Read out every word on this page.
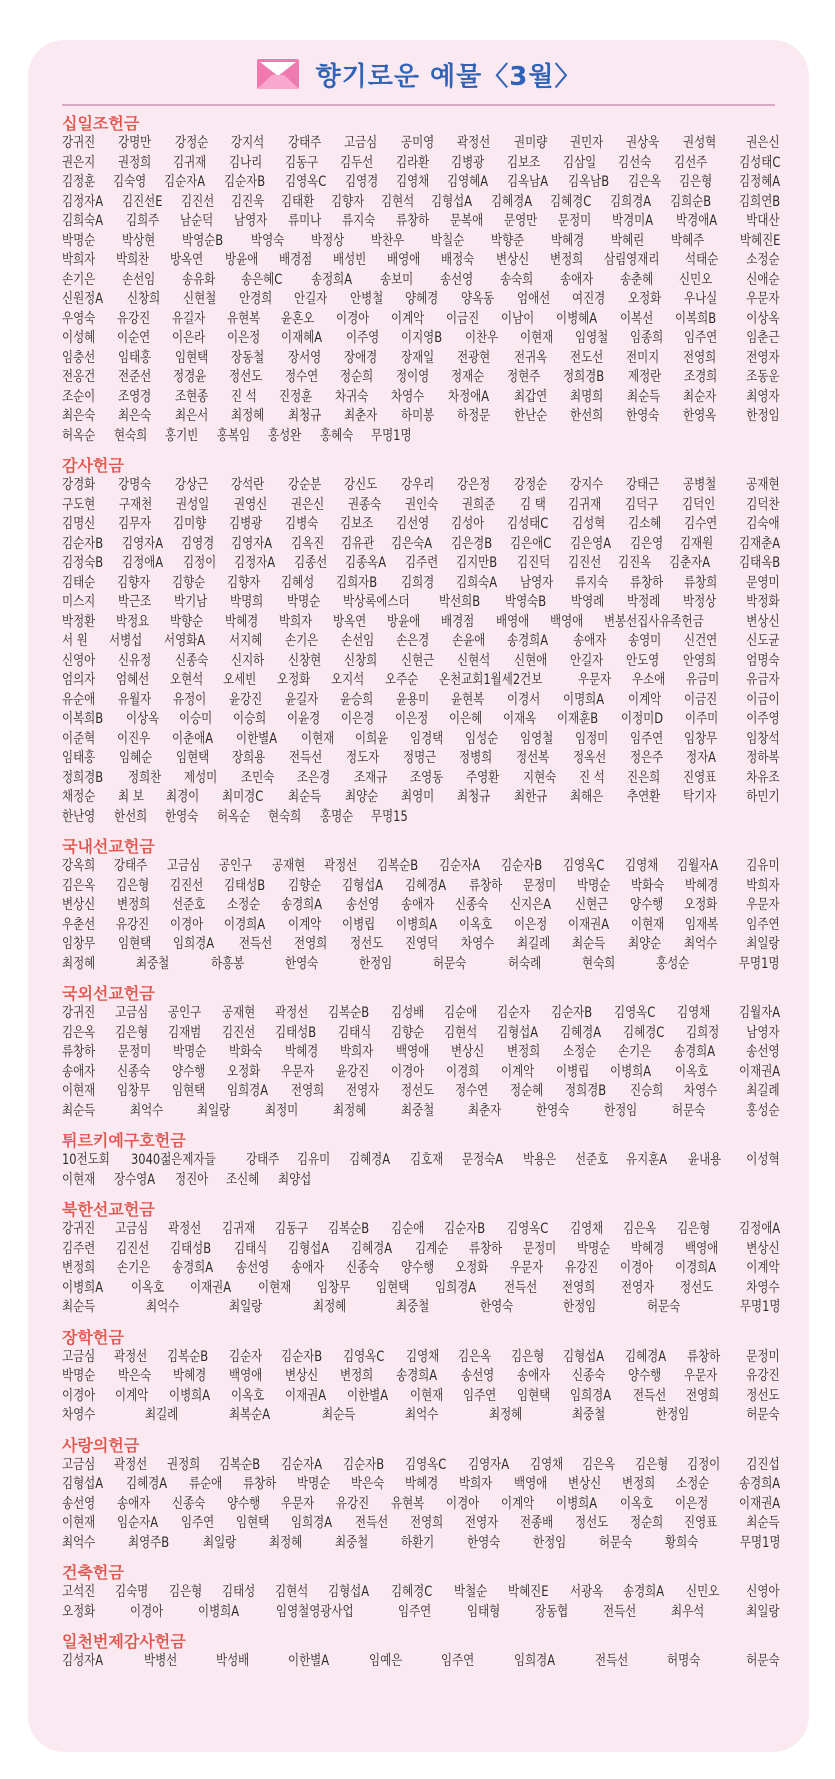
향기로운 예물〈3월〉
십일조헌금
강귀진 강명만 강정순 강지석 강태주 고금심 공미영 곽정선 권미량 권민자 권상욱 권성혁 권은신
권은지 권정희 김귀재 김나리 김동구 김두선 김라환 김병광 김보조 김삼일 김선숙 김선주 김성태C
김정훈 김숙영 김순자A 김순자B 김영옥C 김영경 김영채 김영혜A 김옥남A 김옥남B 김은옥 김은형 김정혜A
김정자A 김진선E 김진선 김진욱 김태환 김향자 김현석 김형섭A 김혜경A 김혜경C 김희경A 김희순B 김희연B
김희숙A 김희주 남순덕 남영자 류미나 류지숙 류창하 문복애 문영만 문정미 박경미A 박경애A 박대산
박명순 박상현 박영순B 박영숙 박정상 박찬우 박칠순 박향준 박혜경 박혜린 박혜주	박혜진E
박희자 박희찬 방옥연 방윤애 배경점 배성빈 배영애 배정숙 변상신 변정희 삼림영재리 석태순 소정순
손기은 손선임 송유화 송은혜C 송정희A 송보미 송선영 송숙희 송애자 송춘혜 신민오 신애순
신원정A 신창희 신현철 안경희 안길자 안병철 양혜경 양옥동 엄애선 여진경 오정화 우나실 우문자
우영숙 유강진 유길자 유현복 윤혼오 이경아 이계악 이금진 이남이 이병혜A 이복선 이복희B 이상옥
이성혜 이순연 이은라 이은정 이재혜A 이주영 이지영B 이찬우 이현재 임영철 임종희 임주연 임춘근
임충선 임태홍 임현택 장동철 장서영 장애경 장재일 전광현 전귀옥 전도선 전미지 전영희 전영자
전옹건 전준선 정경윤 정선도 정수연 정순희 정이영 정재순 정현주 정희경B 제정란 조경희 조동운
조순이 조영경 조현종 진 석 진정훈 차귀숙 차영수 차정애A 최갑연 최명희 최순득 최순자 최영자
최은숙 최은숙 최은서 최정혜 최청규 최춘자 하미봉 하정문 한난순 한선희 한영숙 한영옥 한정임
허옥순 현숙희 홍기빈 홍복임 홍성완 홍혜숙 무명1명
감사헌금
강경화 강명숙 강상근 강석란 강순분 강신도 강우리 강은정 강정순 강지수 강태근 공병철 공재현
구도현 구재천 권성일 권영신 권은신 권종숙 권인숙 권희준 김 택 김귀재 김덕구 김덕인 김덕찬
김명신 김무자 김미향 김병광 김병숙 김보조 김선영 김성아 김성태C 김성혁 김소혜 김수연 김숙애
김순자B 김영자A 김영경 김영자A 김옥진 김유관 김은숙A 김은경B 김은애C 김은영A 김은영 김재원 김재춘A
김정숙B 김정애A 김정이 김정자A 김종선 김종옥A 김주련 김지만B 김진덕 김진선 김진옥 김춘자A 김태옥B
김태순 김향자 김향순 김향자 김혜성 김희자B 김희경 김희숙A 남영자 류지숙 류창하 류창희 문영미
미스지 박근조 박기남 박명희 박명순 박상록에스더 박선희B 박영숙B 박영례 박정례 박정상 박정화
박정환 박정요 박향순 박혜경 박희자 방옥연 방윤애 배경점 배영애 백영애 변봉선집사유족헌금	변상신
서 원 서병섭 서영화A 서지혜 손기은 손선임 손은경 손윤애 송경희A 송애자 송영미 신건연 신도균
신영아 신유정 신종숙 신지하 신창현 신창희 신현근 신현석 신현애 안길자 안도영 안영희 엄명숙
엄의자 엄혜선 오현석 오세빈 오정화 오지석 오주순 온천교회1월세2건보	우문자 우소애 유금미 유금자
유순애 유월자 유정이 윤강진 윤길자 윤승희 윤용미 윤현복 이경서 이명희A 이계악 이금진 이금이
이복희B 이상옥 이승미 이승희 이윤경 이은경 이은정 이은혜 이재옥 이재훈B 이정미D 이주미 이주영
이준혁 이진우 이춘애A 이한별A 이현재 이희윤 임경택 임성순 임영철 임정미 임주연 임창무 임창석
임태홍 임혜순 임현택 장희용 전득선 정도자 정명근 정병희 정선복 정옥선 정은주 정자A 정하복
정희경B 정희찬 제성미 조민숙 조은경 조재규 조영동 주영환 지현숙 진 석 진은희 진영표 차유조
채정순 최 보 최경이 최미경C 최순득 최양순 최영미 최청규 최한규 최해은 추연환 탁기자 하민기
한난영 한선희 한영숙 허옥순 현숙희 홍명순 무명15
국내선교헌금
강옥희 강태주 고금심 공인구 공재현 곽정선 김복순B 김순자A 김순자B 김영옥C 김영채 김월자A 김유미
김은옥 김은형 김진선 김태성B 김향순 김형섭A 김혜경A 류창하 문정미 박명순 박화숙 박혜경 박희자
변상신 변정희 선준호 소정순 송경희A 송선영 송애자 신종숙 신지은A 신현근 양수행 오정화 우문자
우춘선 유강진 이경아 이경희A 이계악 이병립 이병희A 이옥호 이은정 이재권A 이현재 임재복 임주연
임창무 임현택 임희경A 전득선 전영희 정선도 진영덕 차영수 최길례 최순득 최양순 최억수 최일랑
최정혜	최중철	하흥봉	한영숙	한정임	허문숙	허숙례	현숙희	홍성순	무명1명
국외선교헌금
강귀진 고금심 공인구 공재현 곽정선 김복순B 김성배 김순애 김순자 김순자B 김영옥C 김영채 김월자A
김은옥 김은형 김재범 김진선 김태성B 김태식 김향순 김현석 김형섭A 김혜경A 김혜경C 김희정 남영자
류창하 문정미 박명순 박화숙 박혜경 박희자 백영애 변상신 변정희 소정순 손기은 송경희A 송선영
송애자 신종숙 양수행 오정화 우문자 윤강진 이경아 이경희 이계악 이병립 이병희A 이옥호 이재권A
이현재 임창무 임현택 임희경A 전영희 전영자 정선도 정수연 정순혜 정희경B 진승희 차영수 최길례
최순득 최억수 최일랑 최정미 최정혜 최중철 최춘자 한영숙 한정임 허문숙	홍성순
튀르키예구호헌금
10전도회 3040젊은제자들 강태주 김유미 김혜경A 김호재 문정숙A 박용은 선준호 유지훈A 윤내용 이성혁
이현재 장수영A 정진아 조신혜 최양섭
북한선교헌금
강귀진 고금심 곽정선 김귀재 김동구 김복순B 김순애 김순자B 김영옥C 김영채 김은옥 김은형 김정애A
김주련 김진선 김태성B 김태식 김형섭A 김혜경A 김계순 류창하 문정미 박명순 박혜경 백영애 변상신
변정희 손기은 송경희A 송선영 송애자 신종숙 양수행 오정화 우문자 유강진 이경아 이경희A 이계악
이병희A 이옥호 이재권A 이현재 임창무 임현택 임희경A 전득선 전영희 전영자 정선도 차영수
최순득	최억수	최일랑	최정혜	최중철	한영숙	한정임	허문숙	무명1명
장학헌금
고금심 곽정선 김복순B 김순자 김순자B 김영옥C 김영채 김은옥 김은형 김형섭A 김혜경A 류창하 문정미
박명순 박은숙 박혜경 백영애 변상신 변정희 송경희A 송선영 송애자 신종숙 양수행 우문자 유강진
이경아 이계악 이병희A 이옥호 이재권A 이한별A 이현재 임주연 임현택 임희경A 전득선 전영희 정선도
차영수	최길례	최복순A	최순득	최억수	최정혜	최중철	한정임	허문숙
사랑의헌금
고금심 곽정선 권정희 김복순B 김순자A 김순자B 김영옥C 김영자A 김영채 김은옥 김은형 김정이 김진섭
김형섭A 김혜경A 류순애 류창하 박명순 박은숙 박혜경 박희자 백영애 변상신 변정희 소정순 송경희A
송선영 송애자 신종숙 양수행 우문자 유강진 유현복 이경아 이계악 이병희A 이옥호 이은정 이재권A
이현재 임순자A 임주연 임현택 임희경A 전득선 전영희 전영자 전종배 정선도 정순희 진영표 최순득
최억수 최영주B 최일랑 최정혜 최중철 하환기 한영숙 한정임 허문숙 황희숙	무명1명
건축헌금
고석진 김숙명 김은형 김태성 김현석 김형섭A 김혜경C 박철순 박혜진E 서광옥 송경희A 신민오 신영아
오정화 이경아 이병희A	임영철영광사업	임주연 임태형 장동협 전득선 최우석	최일랑
일천번제감사헌금
김성자A	박병선	박성배	이한별A	임예은	임주연	임희경A	전득선	허명숙	허문숙
